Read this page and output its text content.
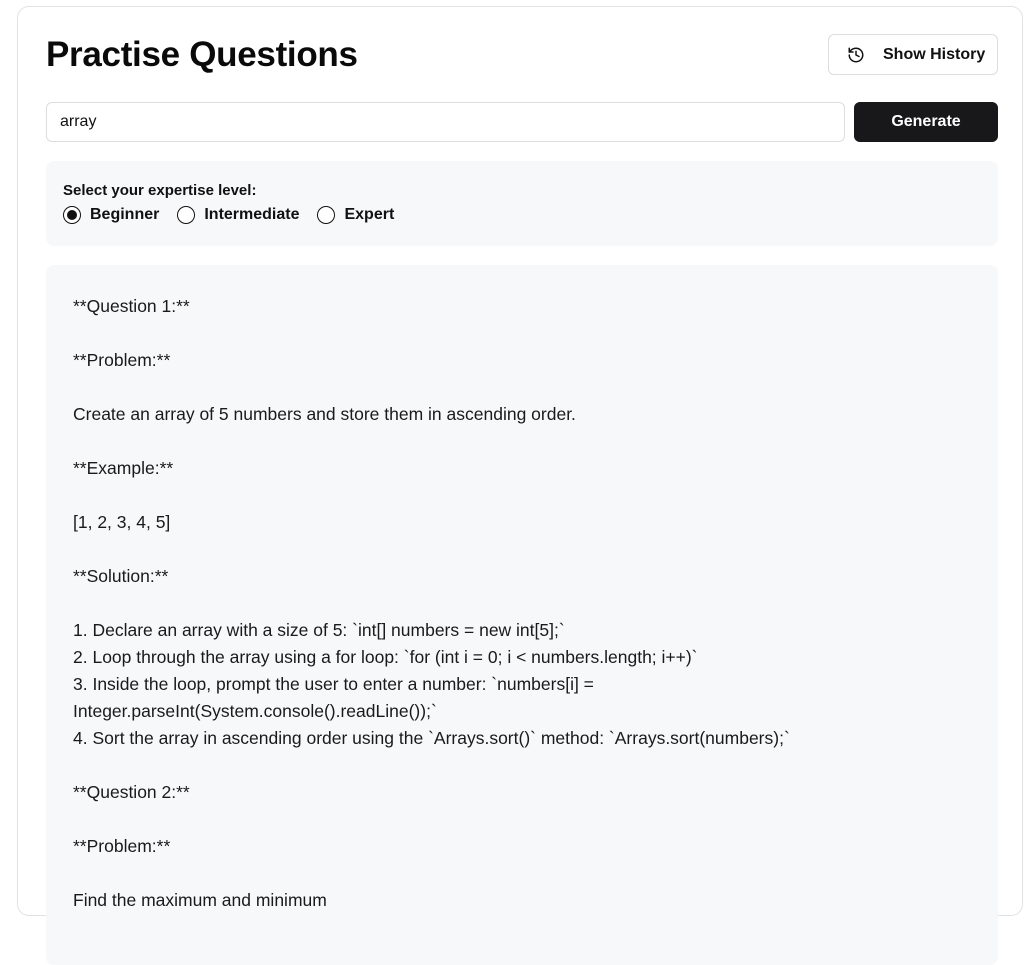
Practise Questions	Show History
array
Generate
Select your expertise level:
Beginner	Intermediate	Expert

**Question 1:**

**Problem:**

Create an array of 5 numbers and store them in ascending order.

**Example:**

[1, 2, 3, 4, 5]

**Solution:**

1. Declare an array with a size of 5: `int[] numbers = new int[5];`

2. Loop through the array using a for loop: `for (int i = 0; i < numbers.length; i++)`

3. Inside the loop, prompt the user to enter a number: `numbers[i] =

Integer.parseInt(System.console().readLine());`

4. Sort the array in ascending order using the `Arrays.sort()` method: `Arrays.sort(numbers);`

**Question 2:**

**Problem:**

Find the maximum and minimum
